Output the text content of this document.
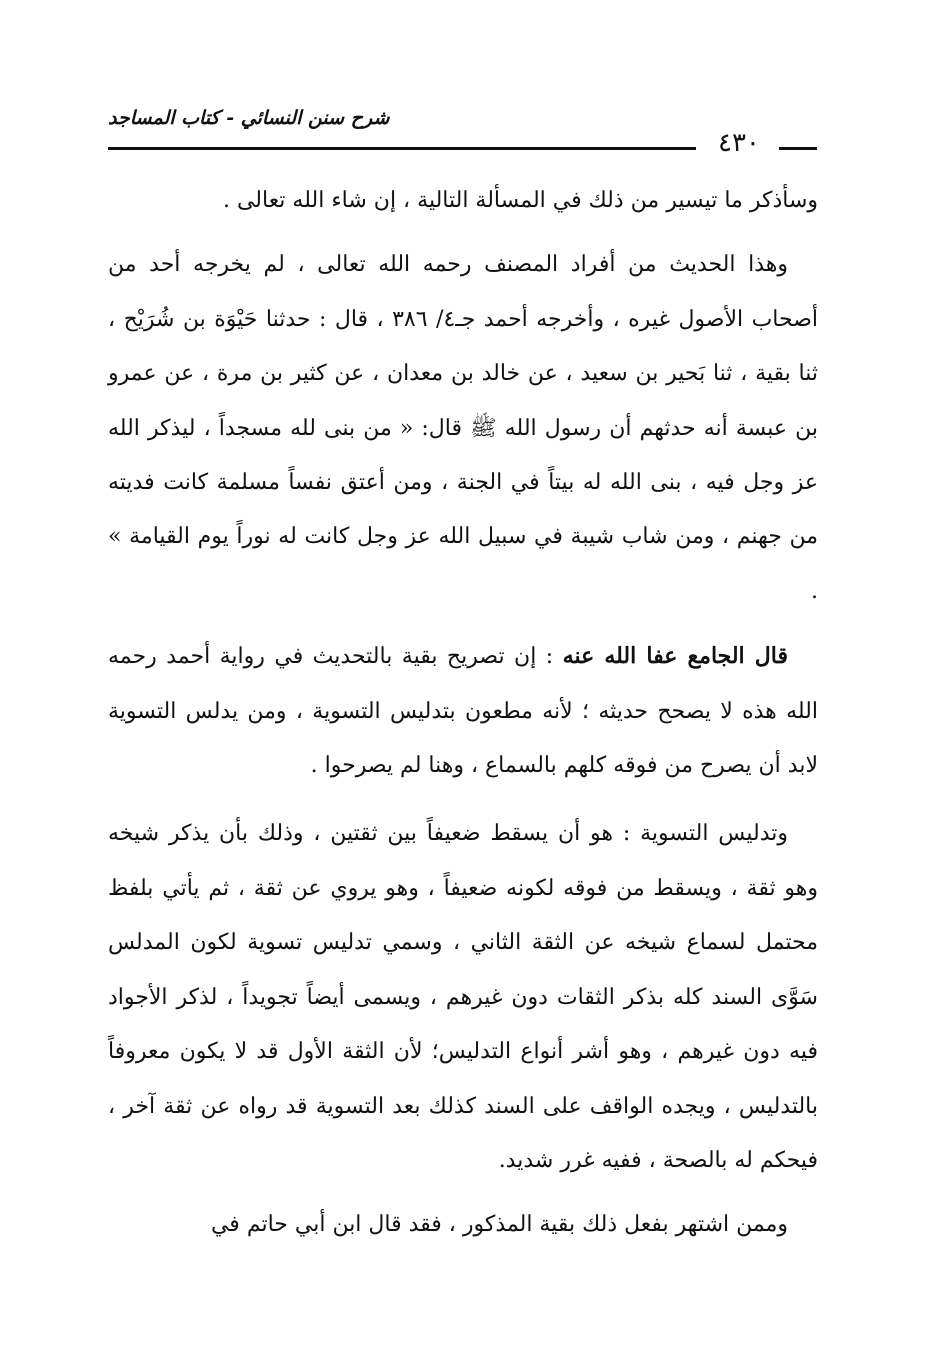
شرح سنن النسائي - كتاب المساجد
٤٣٠

وسأذكر ما تيسير من ذلك في المسألة التالية ، إن شاء الله تعالى .

وهذا الحديث من أفراد المصنف رحمه الله تعالى ، لم يخرجه أحد من أصحاب الأصول غيره ، وأخرجه أحمد جـ٤/ ٣٨٦ ، قال : حدثنا حَيْوَة بن شُرَيْح ، ثنا بقية ، ثنا بَحير بن سعيد ، عن خالد بن معدان ، عن كثير بن مرة ، عن عمرو بن عبسة أنه حدثهم أن رسول الله ﷺ قال: « من بنى لله مسجداً ، ليذكر الله عز وجل فيه ، بنى الله له بيتاً في الجنة ، ومن أعتق نفساً مسلمة كانت فديته من جهنم ، ومن شاب شيبة في سبيل الله عز وجل كانت له نوراً يوم القيامة » .

قال الجامع عفا الله عنه : إن تصريح بقية بالتحديث في رواية أحمد رحمه الله هذه لا يصحح حديثه ؛ لأنه مطعون بتدليس التسوية ، ومن يدلس التسوية لابد أن يصرح من فوقه كلهم بالسماع ، وهنا لم يصرحوا .

وتدليس التسوية : هو أن يسقط ضعيفاً بين ثقتين ، وذلك بأن يذكر شيخه وهو ثقة ، ويسقط من فوقه لكونه ضعيفاً ، وهو يروي عن ثقة ، ثم يأتي بلفظ محتمل لسماع شيخه عن الثقة الثاني ، وسمي تدليس تسوية لكون المدلس سَوَّى السند كله بذكر الثقات دون غيرهم ، ويسمى أيضاً تجويداً ، لذكر الأجواد فيه دون غيرهم ، وهو أشر أنواع التدليس؛ لأن الثقة الأول قد لا يكون معروفاً بالتدليس ، ويجده الواقف على السند كذلك بعد التسوية قد رواه عن ثقة آخر ، فيحكم له بالصحة ، ففيه غرر شديد.

وممن اشتهر بفعل ذلك بقية المذكور ، فقد قال ابن أبي حاتم في
